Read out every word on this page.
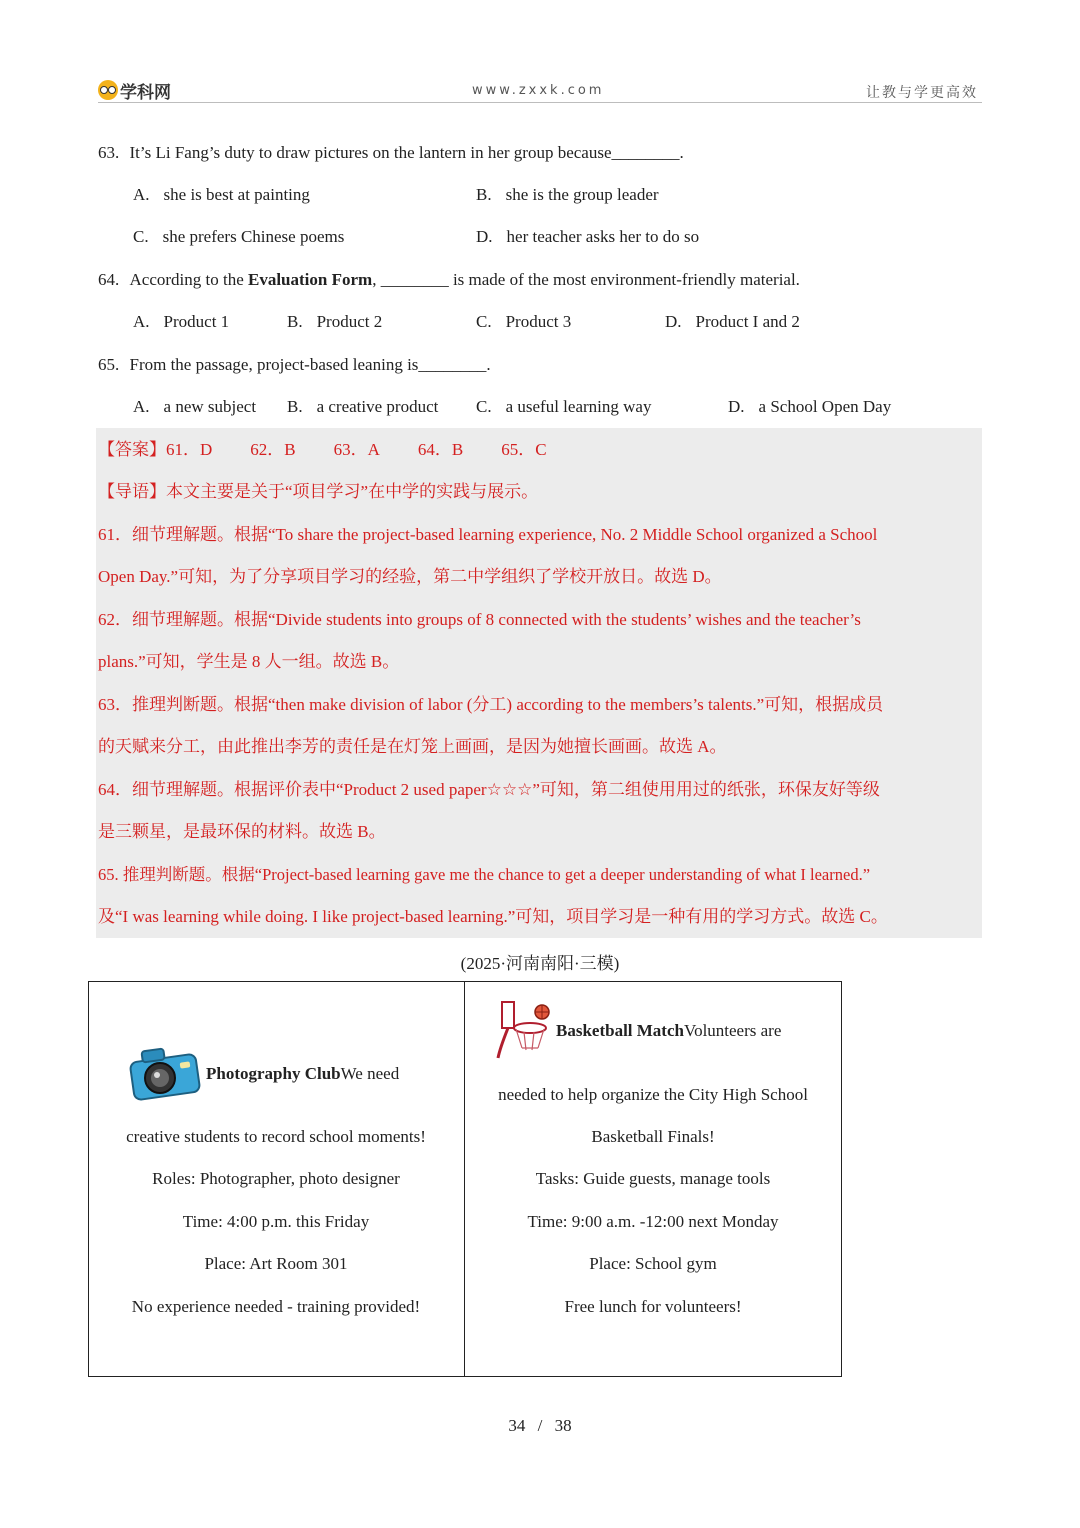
学科网	www.zxxk.com	让教与学更高效
63. It’s Li Fang’s duty to draw pictures on the lantern in her group because________.
A. she is best at painting	B. she is the group leader
C. she prefers Chinese poems	D. her teacher asks her to do so
64. According to the Evaluation Form, ________ is made of the most environment-friendly material.
A. Product 1	B. Product 2	C. Product 3	D. Product I and 2
65. From the passage, project-based leaning is________.
A. a new subject B. a creative product C. a useful learning way	D. a School Open Day
【答案】61．D 62．B 63．A 64．B 65．C
【导语】本文主要是关于“项目学习”在中学的实践与展示。
61．细节理解题。根据“To share the project-based learning experience, No. 2 Middle School organized a School
Open Day.”可知，为了分享项目学习的经验，第二中学组织了学校开放日。故选 D。
62．细节理解题。根据“Divide students into groups of 8 connected with the students’ wishes and the teacher’s
plans.”可知，学生是 8 人一组。故选 B。
63．推理判断题。根据“then make division of labor (分工) according to the members’s talents.”可知，根据成员
的天赋来分工，由此推出李芳的责任是在灯笼上画画，是因为她擅长画画。故选 A。
64．细节理解题。根据评价表中“Product 2 used paper☆☆☆”可知，第二组使用用过的纸张，环保友好等级
是三颗星，是最环保的材料。故选 B。
65. 推理判断题。根据“Project-based learning gave me the chance to get a deeper understanding of what I learned.”
及“I was learning while doing. I like project-based learning.”可知，项目学习是一种有用的学习方式。故选 C。
(2025·河南南阳·三模)
Photography ClubWe need
creative students to record school moments!
Roles: Photographer, photo designer
Time: 4:00 p.m. this Friday
Place: Art Room 301
No experience needed - training provided!
Basketball MatchVolunteers are
needed to help organize the City High School
Basketball Finals!
Tasks: Guide guests, manage tools
Time: 9:00 a.m. -12:00 next Monday
Place: School gym
Free lunch for volunteers!
34 / 38
